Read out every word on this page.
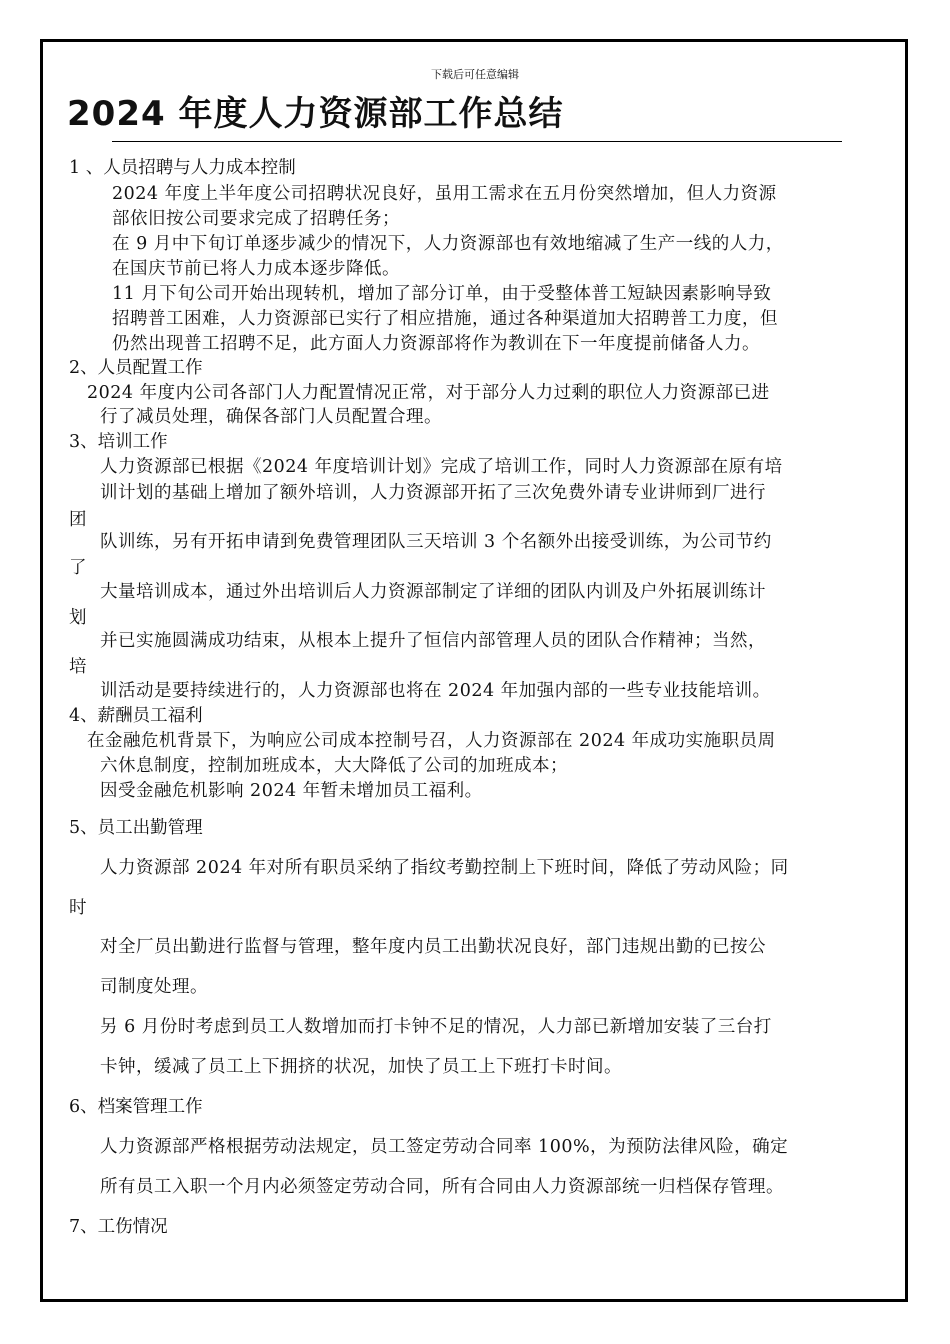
下载后可任意编辑
2024 年度人力资源部工作总结
1 、人员招聘与人力成本控制
2024 年度上半年度公司招聘状况良好，虽用工需求在五月份突然增加，但人力资源
部依旧按公司要求完成了招聘任务；
在 9 月中下旬订单逐步减少的情况下，人力资源部也有效地缩减了生产一线的人力，
在国庆节前已将人力成本逐步降低。
11 月下旬公司开始出现转机，增加了部分订单，由于受整体普工短缺因素影响导致
招聘普工困难，人力资源部已实行了相应措施，通过各种渠道加大招聘普工力度，但
仍然出现普工招聘不足，此方面人力资源部将作为教训在下一年度提前储备人力。
2、人员配置工作
2024 年度内公司各部门人力配置情况正常，对于部分人力过剩的职位人力资源部已进
行了减员处理，确保各部门人员配置合理。
3、培训工作
人力资源部已根据《2024 年度培训计划》完成了培训工作，同时人力资源部在原有培
训计划的基础上增加了额外培训，人力资源部开拓了三次免费外请专业讲师到厂进行
团
队训练，另有开拓申请到免费管理团队三天培训 3 个名额外出接受训练，为公司节约
了
大量培训成本，通过外出培训后人力资源部制定了详细的团队内训及户外拓展训练计
划
并已实施圆满成功结束，从根本上提升了恒信内部管理人员的团队合作精神；当然，
培
训活动是要持续进行的，人力资源部也将在 2024 年加强内部的一些专业技能培训。
4、薪酬员工福利
在金融危机背景下，为响应公司成本控制号召，人力资源部在 2024 年成功实施职员周
六休息制度，控制加班成本，大大降低了公司的加班成本；
因受金融危机影响 2024 年暂未增加员工福利。
5、员工出勤管理
人力资源部 2024 年对所有职员采纳了指纹考勤控制上下班时间，降低了劳动风险；同
时
对全厂员出勤进行监督与管理，整年度内员工出勤状况良好，部门违规出勤的已按公
司制度处理。
另 6 月份时考虑到员工人数增加而打卡钟不足的情况，人力部已新增加安装了三台打
卡钟，缓减了员工上下拥挤的状况，加快了员工上下班打卡时间。
6、档案管理工作
人力资源部严格根据劳动法规定，员工签定劳动合同率 100%，为预防法律风险，确定
所有员工入职一个月内必须签定劳动合同，所有合同由人力资源部统一归档保存管理。
7、工伤情况
